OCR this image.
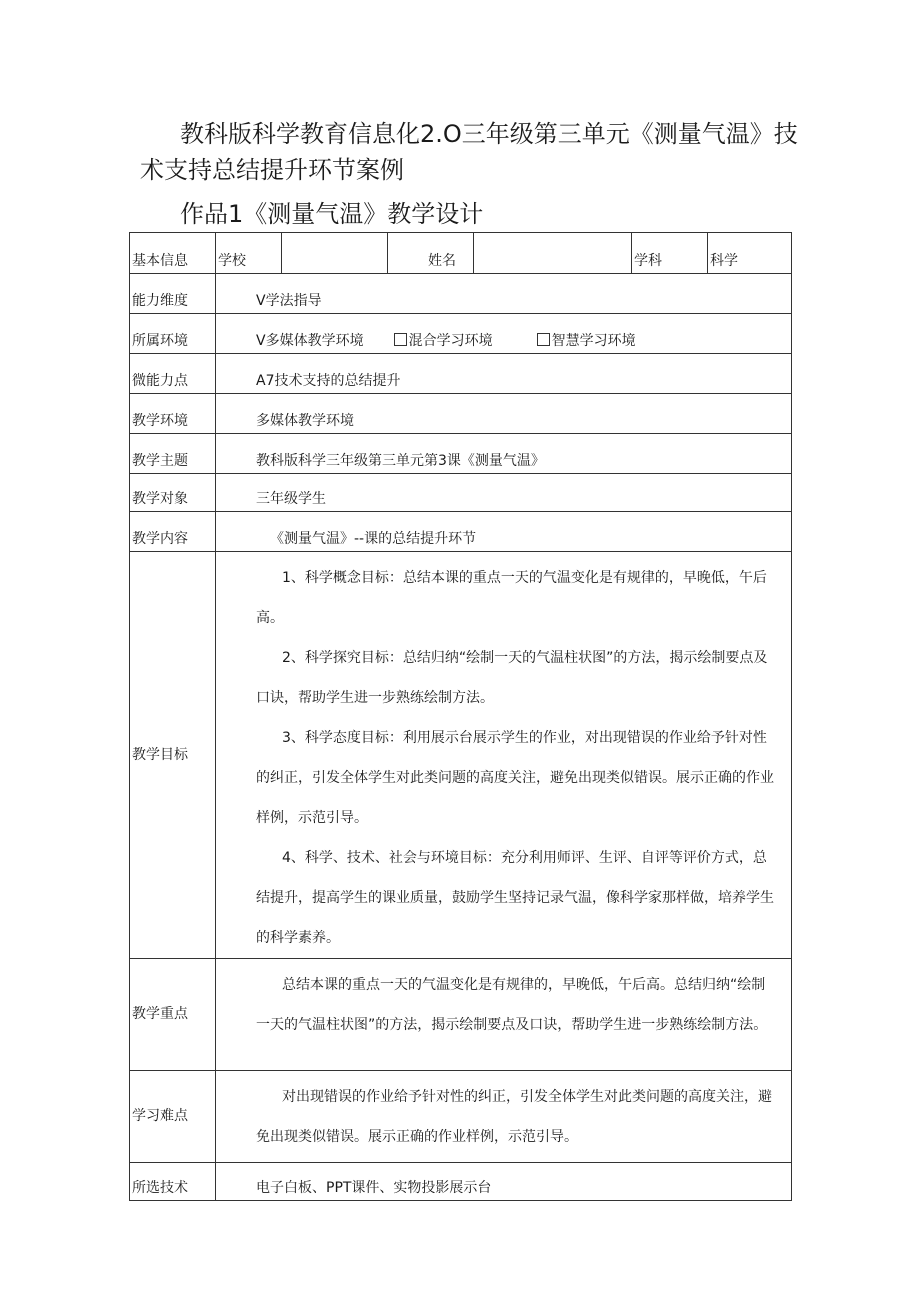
教科版科学教育信息化2.O三年级第三单元《测量气温》技
术支持总结提升环节案例
作品1《测量气温》教学设计
基本信息	学校		姓名		学科	科学
能力维度	V学法指导					
所属环境	V多媒体教学环境 混合学习环境 智慧学习环境					
微能力点	A7技术支持的总结提升					
教学环境	多媒体教学环境					
教学主题	教科版科学三年级第三单元第3课《测量气温》					
教学对象	三年级学生					
教学内容	《测量气温》--课的总结提升环节					
教学目标	1、科学概念目标：总结本课的重点一天的气温变化是有规律的，早晚低，午后高。

2、科学探究目标：总结归纳“绘制一天的气温柱状图”的方法，揭示绘制要点及口诀，帮助学生进一步熟练绘制方法。

3、科学态度目标：利用展示台展示学生的作业，对出现错误的作业给予针对性的纠正，引发全体学生对此类问题的高度关注，避免出现类似错误。展示正确的作业样例，示范引导。

4、科学、技术、社会与环境目标：充分利用师评、生评、自评等评价方式，总结提升，提高学生的课业质量，鼓励学生坚持记录气温，像科学家那样做，培养学生的科学素养。					

教学重点	总结本课的重点一天的气温变化是有规律的，早晚低，午后高。总结归纳“绘制一天的气温柱状图”的方法，揭示绘制要点及口诀，帮助学生进一步熟练绘制方法。					
学习难点	对出现错误的作业给予针对性的纠正，引发全体学生对此类问题的高度关注，避免出现类似错误。展示正确的作业样例，示范引导。					
所选技术	电子白板、PPT课件、实物投影展示台					
